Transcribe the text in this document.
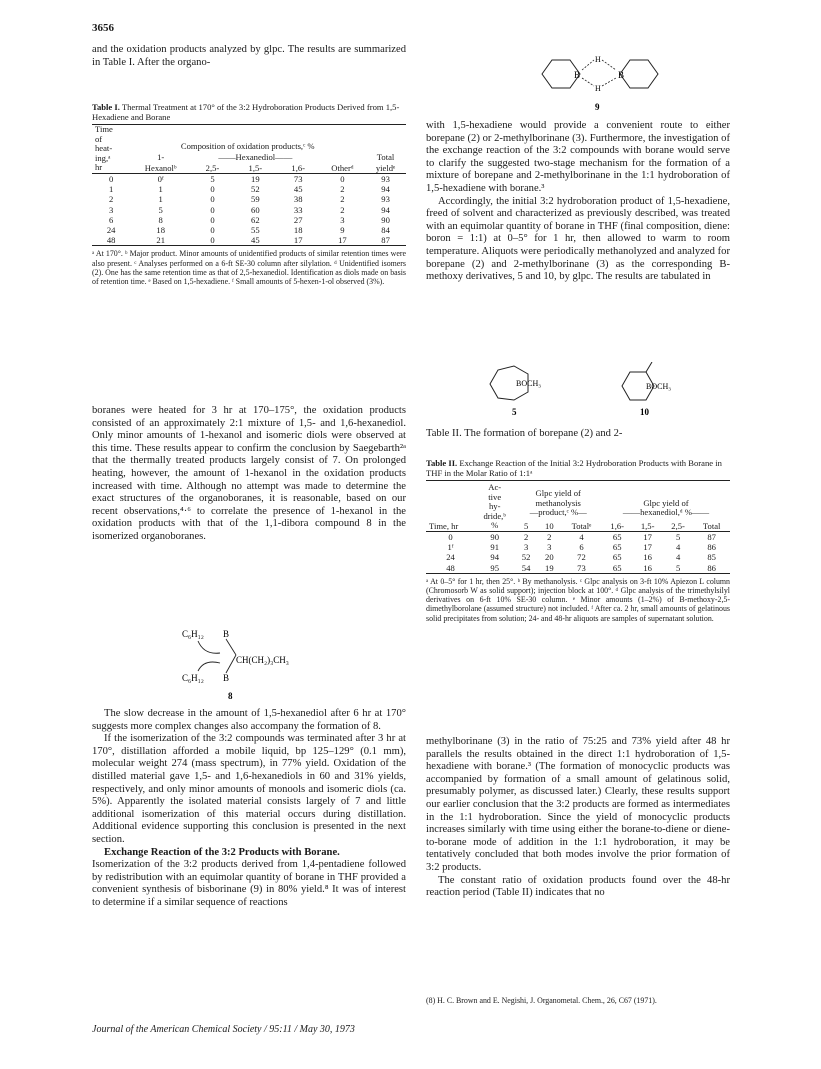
3656

and the oxidation products analyzed by glpc. The results are summarized in Table I. After the organo-

Table I. Thermal Treatment at 170° of the 3:2 Hydroboration Products Derived from 1,5-Hexadiene and Borane
Time
of
heat-
ing,ᵃ
hr	Composition of oxidation products,ᶜ %					
	1-	——Hexanediol——				Total
	Hexanolᵇ	2,5-	1,5-	1,6-	Otherᵈ	yieldᵉ
0	0ᶠ	5	19	73	0	93
1	1	0	52	45	2	94
2	1	0	59	38	2	93
3	5	0	60	33	2	94
6	8	0	62	27	3	90
24	18	0	55	18	9	84
48	21	0	45	17	17	87
ᵃ At 170°. ᵇ Major product. Minor amounts of unidentified products of similar retention times were also present. ᶜ Analyses performed on a 6-ft SE-30 column after silylation. ᵈ Unidentified isomers (2). One has the same retention time as that of 2,5-hexanediol. Identification as diols made on basis of retention time. ᵉ Based on 1,5-hexadiene. ᶠ Small amounts of 5-hexen-1-ol observed (3%).

boranes were heated for 3 hr at 170–175°, the oxidation products consisted of an approximately 2:1 mixture of 1,5- and 1,6-hexanediol. Only minor amounts of 1-hexanol and isomeric diols were observed at this time. These results appear to confirm the conclusion by Saegebarth²ᵃ that the thermally treated products largely consist of 7. On prolonged heating, however, the amount of 1-hexanol in the oxidation products increased with time. Although no attempt was made to determine the exact structures of the organoboranes, it is reasonable, based on our recent observations,⁴·⁶ to correlate the presence of 1-hexanol in the oxidation products with that of the 1,1-dibora compound 8 in the isomerized organoboranes.

C₆H₁₂ B
CH(CH₂)₃CH₃
C₆H₁₂ B
8

The slow decrease in the amount of 1,5-hexanediol after 6 hr at 170° suggests more complex changes also accompany the formation of 8.

If the isomerization of the 3:2 compounds was terminated after 3 hr at 170°, distillation afforded a mobile liquid, bp 125–129° (0.1 mm), molecular weight 274 (mass spectrum), in 77% yield. Oxidation of the distilled material gave 1,5- and 1,6-hexanediols in 60 and 31% yields, respectively, and only minor amounts of monools and isomeric diols (ca. 5%). Apparently the isolated material consists largely of 7 and little additional isomerization of this material occurs during distillation. Additional evidence supporting this conclusion is presented in the next section.

Exchange Reaction of the 3:2 Products with Borane.

Isomerization of the 3:2 products derived from 1,4-pentadiene followed by redistribution with an equimolar quantity of borane in THF provided a convenient synthesis of bisborinane (9) in 80% yield.⁸ It was of interest to determine if a similar sequence of reactions

B	B
H
H
9

with 1,5-hexadiene would provide a convenient route to either borepane (2) or 2-methylborinane (3). Furthermore, the investigation of the exchange reaction of the 3:2 compounds with borane would serve to clarify the suggested two-stage mechanism for the formation of a mixture of borepane and 2-methylborinane in the 1:1 hydroboration of 1,5-hexadiene with borane.³

Accordingly, the initial 3:2 hydroboration product of 1,5-hexadiene, freed of solvent and characterized as previously described, was treated with an equimolar quantity of borane in THF (final composition, diene: boron = 1:1) at 0–5° for 1 hr, then allowed to warm to room temperature. Aliquots were periodically methanolyzed and analyzed for borepane (2) and 2-methylborinane (3) as the corresponding B-methoxy derivatives, 5 and 10, by glpc. The results are tabulated in

BOCH₃
5
BOCH₃
10

Table II. The formation of borepane (2) and 2-

Table II. Exchange Reaction of the Initial 3:2 Hydroboration Products with Borane in THF in the Molar Ratio of 1:1ᵃ
Time, hr	Ac-
tive
hy-
dride,ᵇ
%	Glpc yield of
methanolysis
—product,ᶜ %—			Glpc yield of
——hexanediol,ᵈ %——			
		5	10	Totalᵉ	1,6-	1,5-	2,5-	Total
0	90	2	2	4	65	17	5	87
1ᶠ	91	3	3	6	65	17	4	86
24	94	52	20	72	65	16	4	85
48	95	54	19	73	65	16	5	86
ᵃ At 0–5° for 1 hr, then 25°. ᵇ By methanolysis. ᶜ Glpc analysis on 3-ft 10% Apiezon L column (Chromosorb W as solid support); injection block at 100°. ᵈ Glpc analysis of the trimethylsilyl derivatives on 6-ft 10% SE-30 column. ᵉ Minor amounts (1–2%) of B-methoxy-2,5-dimethylborolane (assumed structure) not included. ᶠ After ca. 2 hr, small amounts of gelatinous solid precipitates from solution; 24- and 48-hr aliquots are samples of supernatant solution.

methylborinane (3) in the ratio of 75:25 and 73% yield after 48 hr parallels the results obtained in the direct 1:1 hydroboration of 1,5-hexadiene with borane.³ (The formation of monocyclic products was accompanied by formation of a small amount of gelatinous solid, presumably polymer, as discussed later.) Clearly, these results support our earlier conclusion that the 3:2 products are formed as intermediates in the 1:1 hydroboration. Since the yield of monocyclic products increases similarly with time using either the borane-to-diene or diene-to-borane mode of addition in the 1:1 hydroboration, it may be tentatively concluded that both modes involve the prior formation of 3:2 products.

The constant ratio of oxidation products found over the 48-hr reaction period (Table II) indicates that no

(8) H. C. Brown and E. Negishi, J. Organometal. Chem., 26, C67 (1971).
Journal of the American Chemical Society / 95:11 / May 30, 1973
